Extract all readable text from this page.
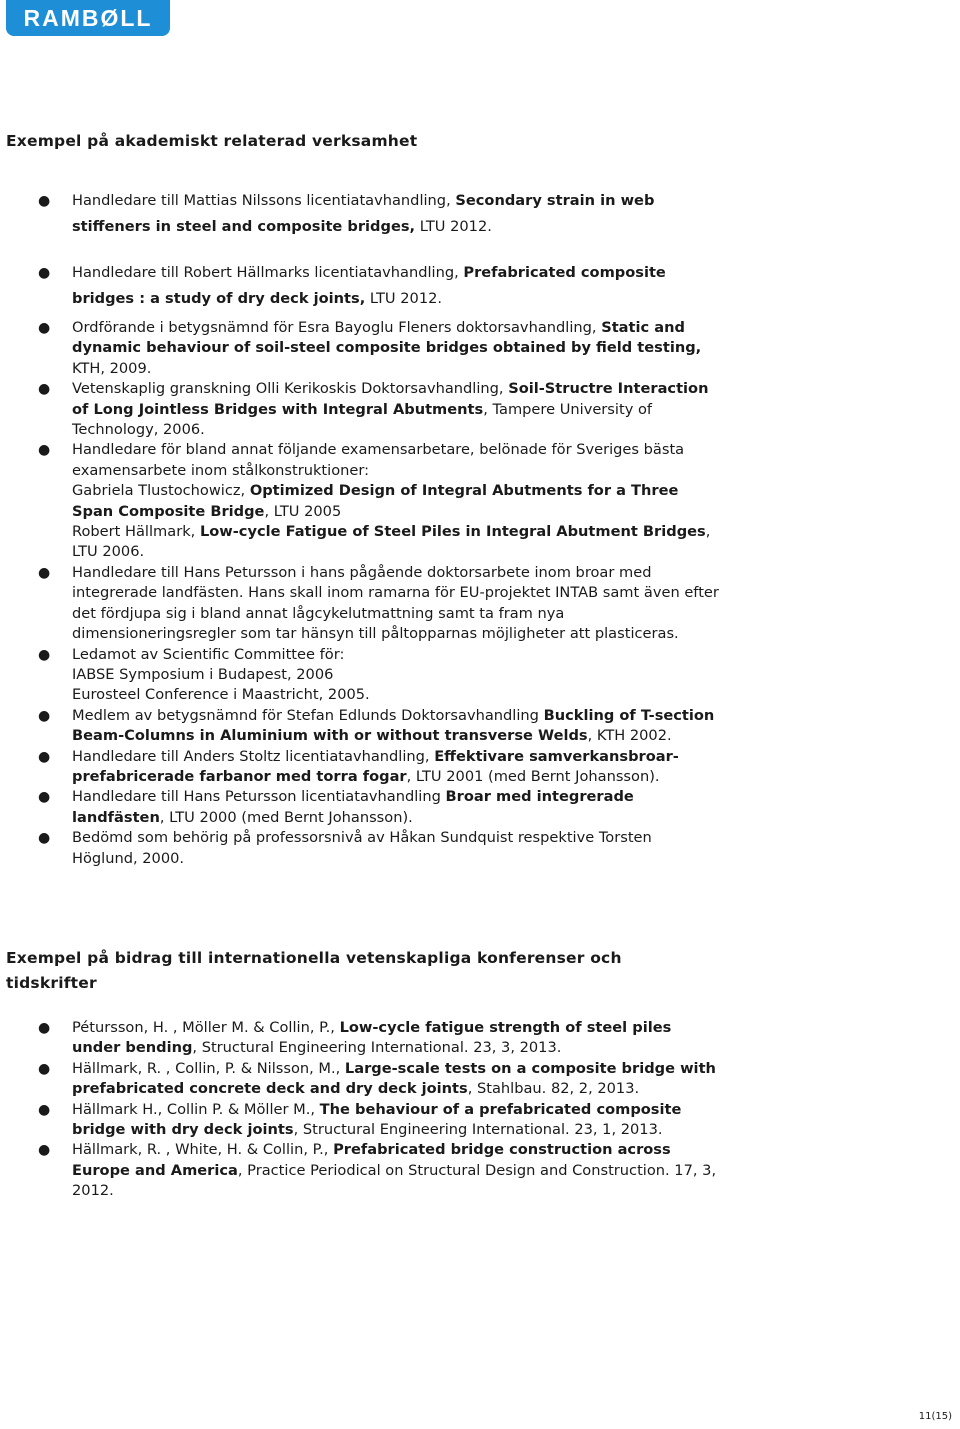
RAMBØLL
Exempel på akademiskt relaterad verksamhet
● Handledare till Mattias Nilssons licentiatavhandling, Secondary strain in web stiffeners in steel and composite bridges, LTU 2012.
● Handledare till Robert Hällmarks licentiatavhandling, Prefabricated composite bridges : a study of dry deck joints, LTU 2012.
● Ordförande i betygsnämnd för Esra Bayoglu Fleners doktorsavhandling, Static and dynamic behaviour of soil-steel composite bridges obtained by field testing, KTH, 2009.
● Vetenskaplig granskning Olli Kerikoskis Doktorsavhandling, Soil-Structre Interaction of Long Jointless Bridges with Integral Abutments, Tampere University of Technology, 2006.
● Handledare för bland annat följande examensarbetare, belönade för Sveriges bästa examensarbete inom stålkonstruktioner:
Gabriela Tlustochowicz, Optimized Design of Integral Abutments for a Three Span Composite Bridge, LTU 2005
Robert Hällmark, Low-cycle Fatigue of Steel Piles in Integral Abutment Bridges, LTU 2006.
● Handledare till Hans Petursson i hans pågående doktorsarbete inom broar med integrerade landfästen. Hans skall inom ramarna för EU-projektet INTAB samt även efter det fördjupa sig i bland annat lågcykelutmattning samt ta fram nya dimensioneringsregler som tar hänsyn till påltopparnas möjligheter att plasticeras.
● Ledamot av Scientific Committee för:
IABSE Symposium i Budapest, 2006
Eurosteel Conference i Maastricht, 2005.
● Medlem av betygsnämnd för Stefan Edlunds Doktorsavhandling Buckling of T-section Beam-Columns in Aluminium with or without transverse Welds, KTH 2002.
● Handledare till Anders Stoltz licentiatavhandling, Effektivare samverkansbroar-prefabricerade farbanor med torra fogar, LTU 2001 (med Bernt Johansson).
● Handledare till Hans Petursson licentiatavhandling Broar med integrerade landfästen, LTU 2000 (med Bernt Johansson).
● Bedömd som behörig på professorsnivå av Håkan Sundquist respektive Torsten Höglund, 2000.
Exempel på bidrag till internationella vetenskapliga konferenser och tidskrifter
● Pétursson, H. , Möller M. & Collin, P., Low-cycle fatigue strength of steel piles under bending, Structural Engineering International. 23, 3, 2013.
● Hällmark, R. , Collin, P. & Nilsson, M., Large-scale tests on a composite bridge with prefabricated concrete deck and dry deck joints, Stahlbau. 82, 2, 2013.
● Hällmark H., Collin P. & Möller M., The behaviour of a prefabricated composite bridge with dry deck joints, Structural Engineering International. 23, 1, 2013.
● Hällmark, R. , White, H. & Collin, P., Prefabricated bridge construction across Europe and America, Practice Periodical on Structural Design and Construction. 17, 3, 2012.
11(15)
